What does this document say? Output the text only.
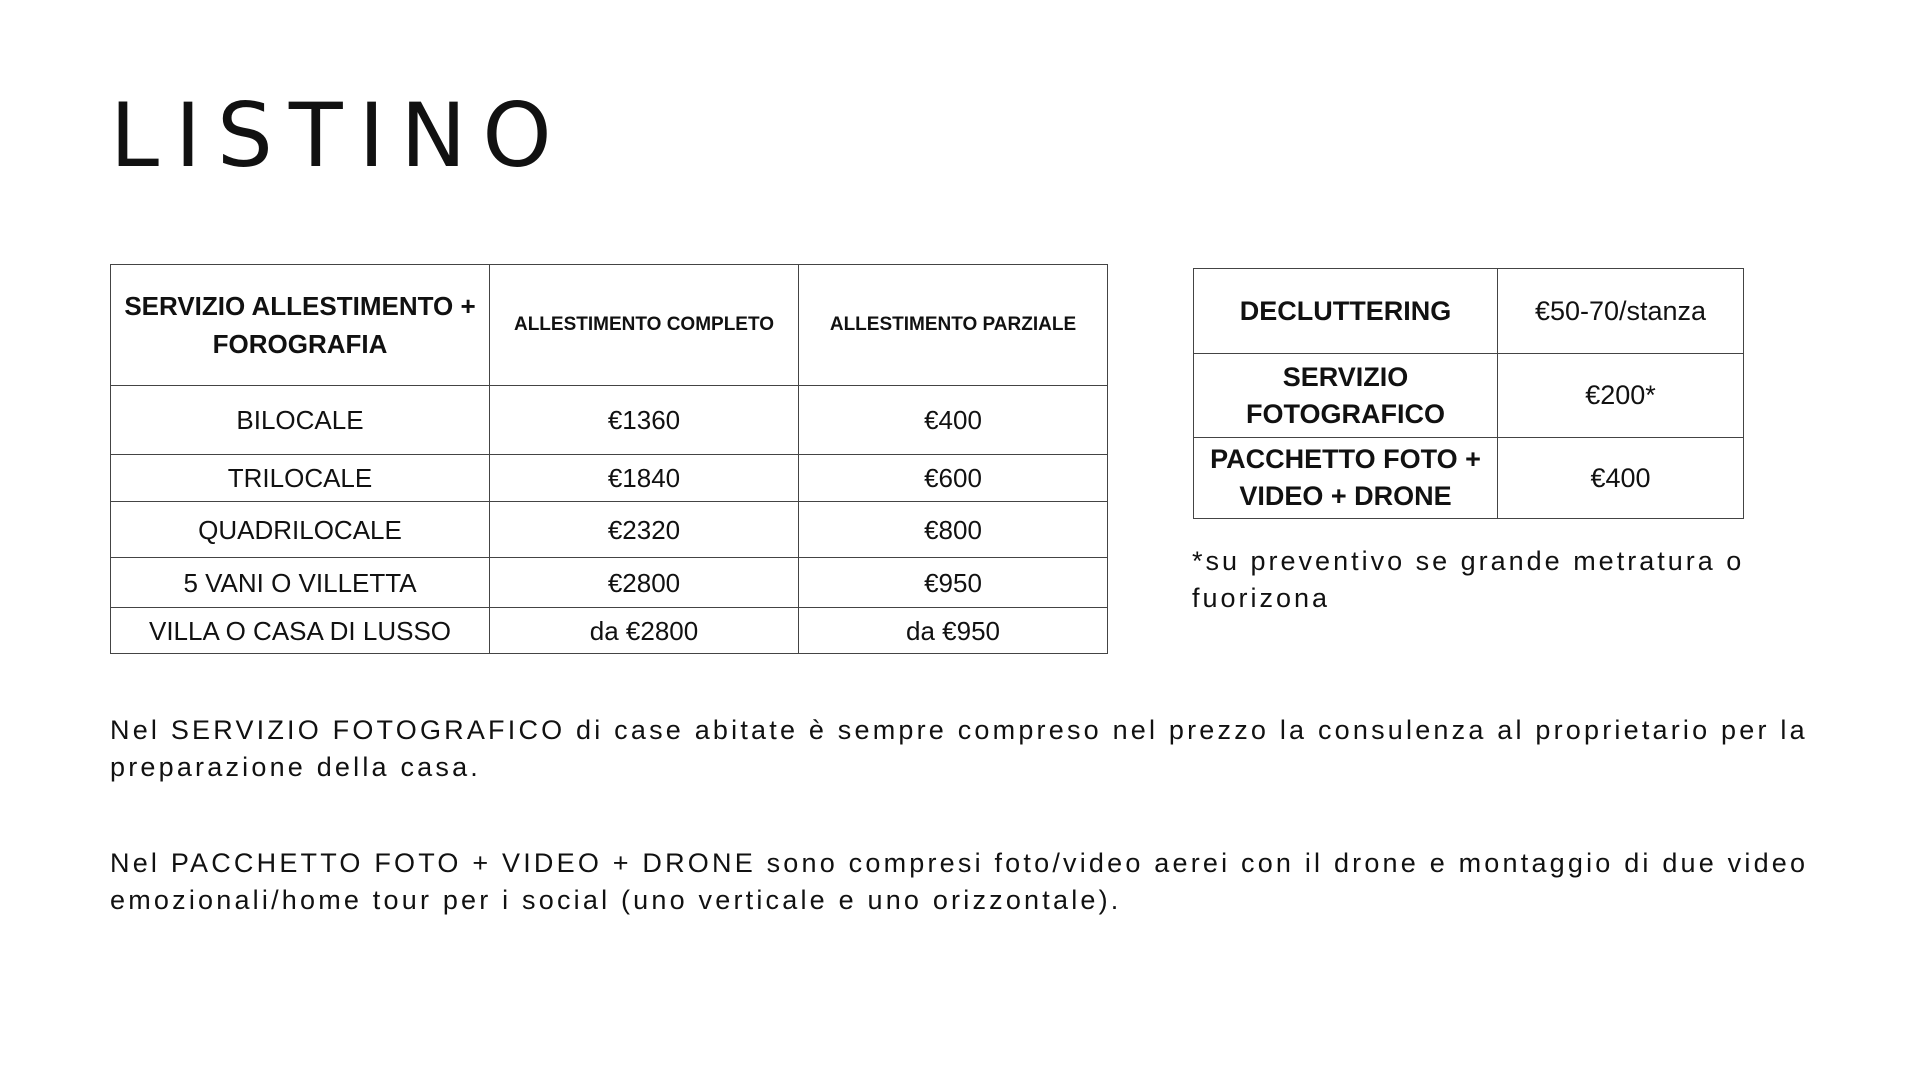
LISTINO
SERVIZIO ALLESTIMENTO + FOROGRAFIA	ALLESTIMENTO COMPLETO	ALLESTIMENTO PARZIALE
BILOCALE	€1360	€400
TRILOCALE	€1840	€600
QUADRILOCALE	€2320	€800
5 VANI O VILLETTA	€2800	€950
VILLA O CASA DI LUSSO	da €2800	da €950
DECLUTTERING	€50-70/stanza
SERVIZIO FOTOGRAFICO	€200*
PACCHETTO FOTO + VIDEO + DRONE	€400

*su preventivo se grande metratura o fuorizona

Nel SERVIZIO FOTOGRAFICO di case abitate è sempre compreso nel prezzo la consulenza al proprietario per la preparazione della casa.

Nel PACCHETTO FOTO + VIDEO + DRONE sono compresi foto/video aerei con il drone e montaggio di due video emozionali/home tour per i social (uno verticale e uno orizzontale).
